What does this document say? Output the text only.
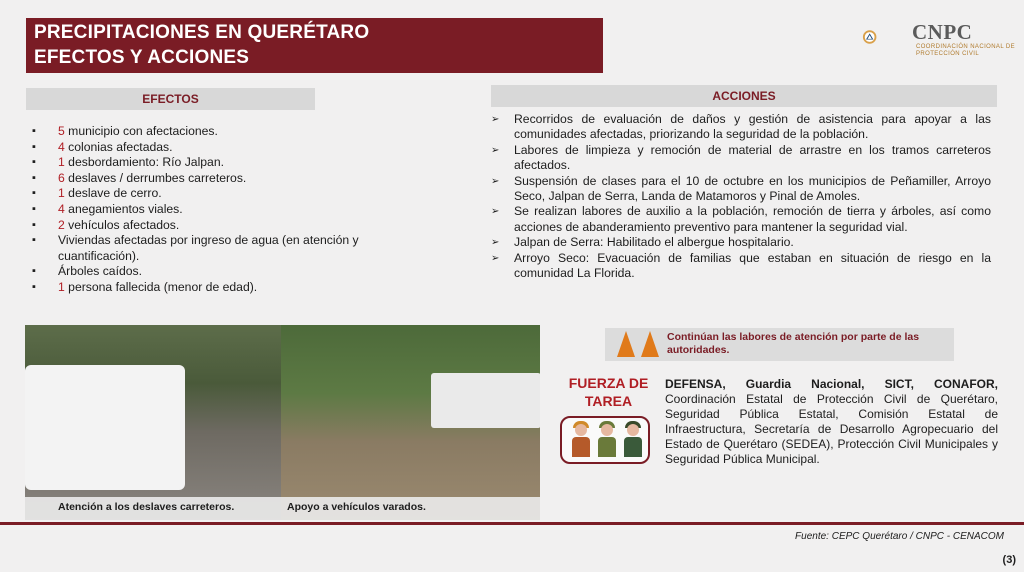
PRECIPITACIONES EN QUERÉTARO
EFECTOS Y ACCIONES
CNPC
COORDINACIÓN NACIONAL DE PROTECCIÓN CIVIL
EFECTOS
▪ 5 municipio con afectaciones.
▪ 4 colonias afectadas.
▪ 1 desbordamiento: Río Jalpan.
▪ 6 deslaves / derrumbes carreteros.
▪ 1 deslave de cerro.
▪ 4 anegamientos viales.
▪ 2 vehículos afectados.
▪ Viviendas afectadas por ingreso de agua (en atención y cuantificación).
▪ Árboles caídos.
▪ 1 persona fallecida (menor de edad).
ACCIONES
➢ Recorridos de evaluación de daños y gestión de asistencia para apoyar a las comunidades afectadas, priorizando la seguridad de la población.
➢ Labores de limpieza y remoción de material de arrastre en los tramos carreteros afectados.
➢ Suspensión de clases para el 10 de octubre en los municipios de Peñamiller, Arroyo Seco, Jalpan de Serra, Landa de Matamoros y Pinal de Amoles.
➢ Se realizan labores de auxilio a la población, remoción de tierra y árboles, así como acciones de abanderamiento preventivo para mantener la seguridad vial.
➢ Jalpan de Serra: Habilitado el albergue hospitalario.
➢ Arroyo Seco: Evacuación de familias que estaban en situación de riesgo en la comunidad La Florida.
Atención a los deslaves carreteros.	Apoyo a vehículos varados.
Continúan las labores de atención por parte de las autoridades.
FUERZA DE TAREA
DEFENSA, Guardia Nacional, SICT, CONAFOR, Coordinación Estatal de Protección Civil de Querétaro, Seguridad Pública Estatal, Comisión Estatal de Infraestructura, Secretaría de Desarrollo Agropecuario del Estado de Querétaro (SEDEA), Protección Civil Municipales y Seguridad Pública Municipal.
Fuente: CEPC Querétaro / CNPC - CENACOM
(3)
